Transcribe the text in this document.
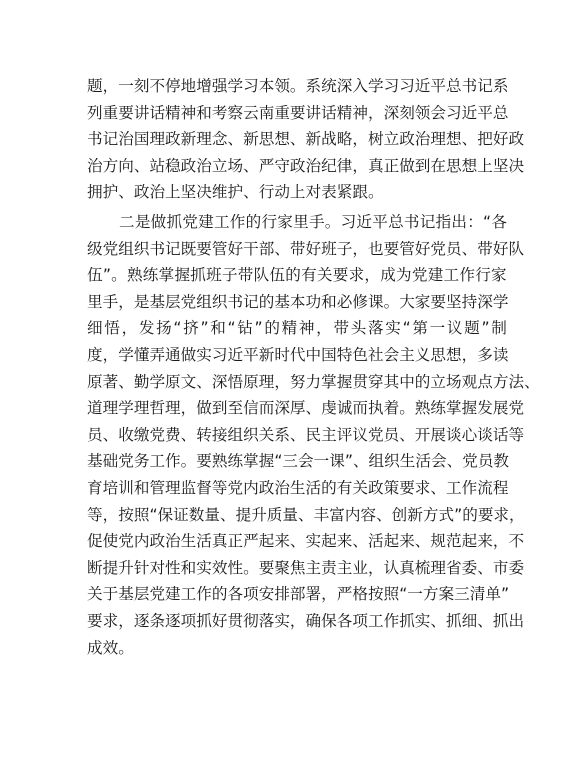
题 ， 一 刻 不 停 地 增 强 学 习 本 领 。 系 统 深 入 学 习 习 近 平 总 书 记 系
列 重 要 讲 话 精 神 和 考 察 云 南 重 要 讲 话 精 神 ， 深 刻 领 会 习 近 平 总
书 记 治 国 理 政 新 理 念 、 新 思 想 、 新 战 略 ， 树 立 政 治 理 想 、 把 好 政
治 方 向 、 站 稳 政 治 立 场 、 严 守 政 治 纪 律 ， 真 正 做 到 在 思 想 上 坚 决
拥 护 、 政 治 上 坚 决 维 护 、 行 动 上 对 表 紧 跟 。
二 是 做 抓 党 建 工 作 的 行 家 里 手 。 习 近 平 总 书 记 指 出 ： “ 各
级 党 组 织 书 记 既 要 管 好 干 部 、 带 好 班 子 ， 也 要 管 好 党 员 、 带 好 队
伍 ” 。 熟 练 掌 握 抓 班 子 带 队 伍 的 有 关 要 求 ， 成 为 党 建 工 作 行 家
里 手 ， 是 基 层 党 组 织 书 记 的 基 本 功 和 必 修 课 。 大 家 要 坚 持 深 学
细 悟 ， 发 扬 “ 挤 ” 和 “ 钻 ” 的 精 神 ， 带 头 落 实 “ 第 一 议 题 ” 制
度 ， 学 懂 弄 通 做 实 习 近 平 新 时 代 中 国 特 色 社 会 主 义 思 想 ， 多 读
原 著 、 勤 学 原 文 、 深 悟 原 理 ， 努 力 掌 握 贯 穿 其 中 的 立 场 观 点 方 法 、
道 理 学 理 哲 理 ， 做 到 至 信 而 深 厚 、 虔 诚 而 执 着 。 熟 练 掌 握 发 展 党
员 、 收 缴 党 费 、 转 接 组 织 关 系 、 民 主 评 议 党 员 、 开 展 谈 心 谈 话 等
基 础 党 务 工 作 。 要 熟 练 掌 握 “ 三 会 一 课 ” 、 组 织 生 活 会 、 党 员 教
育 培 训 和 管 理 监 督 等 党 内 政 治 生 活 的 有 关 政 策 要 求 、 工 作 流 程
等 ， 按 照 “ 保 证 数 量 、 提 升 质 量 、 丰 富 内 容 、 创 新 方 式 ” 的 要 求 ，
促 使 党 内 政 治 生 活 真 正 严 起 来 、 实 起 来 、 活 起 来 、 规 范 起 来 ， 不
断 提 升 针 对 性 和 实 效 性 。 要 聚 焦 主 责 主 业 ， 认 真 梳 理 省 委 、 市 委
关 于 基 层 党 建 工 作 的 各 项 安 排 部 署 ， 严 格 按 照 “ 一 方 案 三 清 单 ”
要 求 ， 逐 条 逐 项 抓 好 贯 彻 落 实 ， 确 保 各 项 工 作 抓 实 、 抓 细 、 抓 出
成 效 。
